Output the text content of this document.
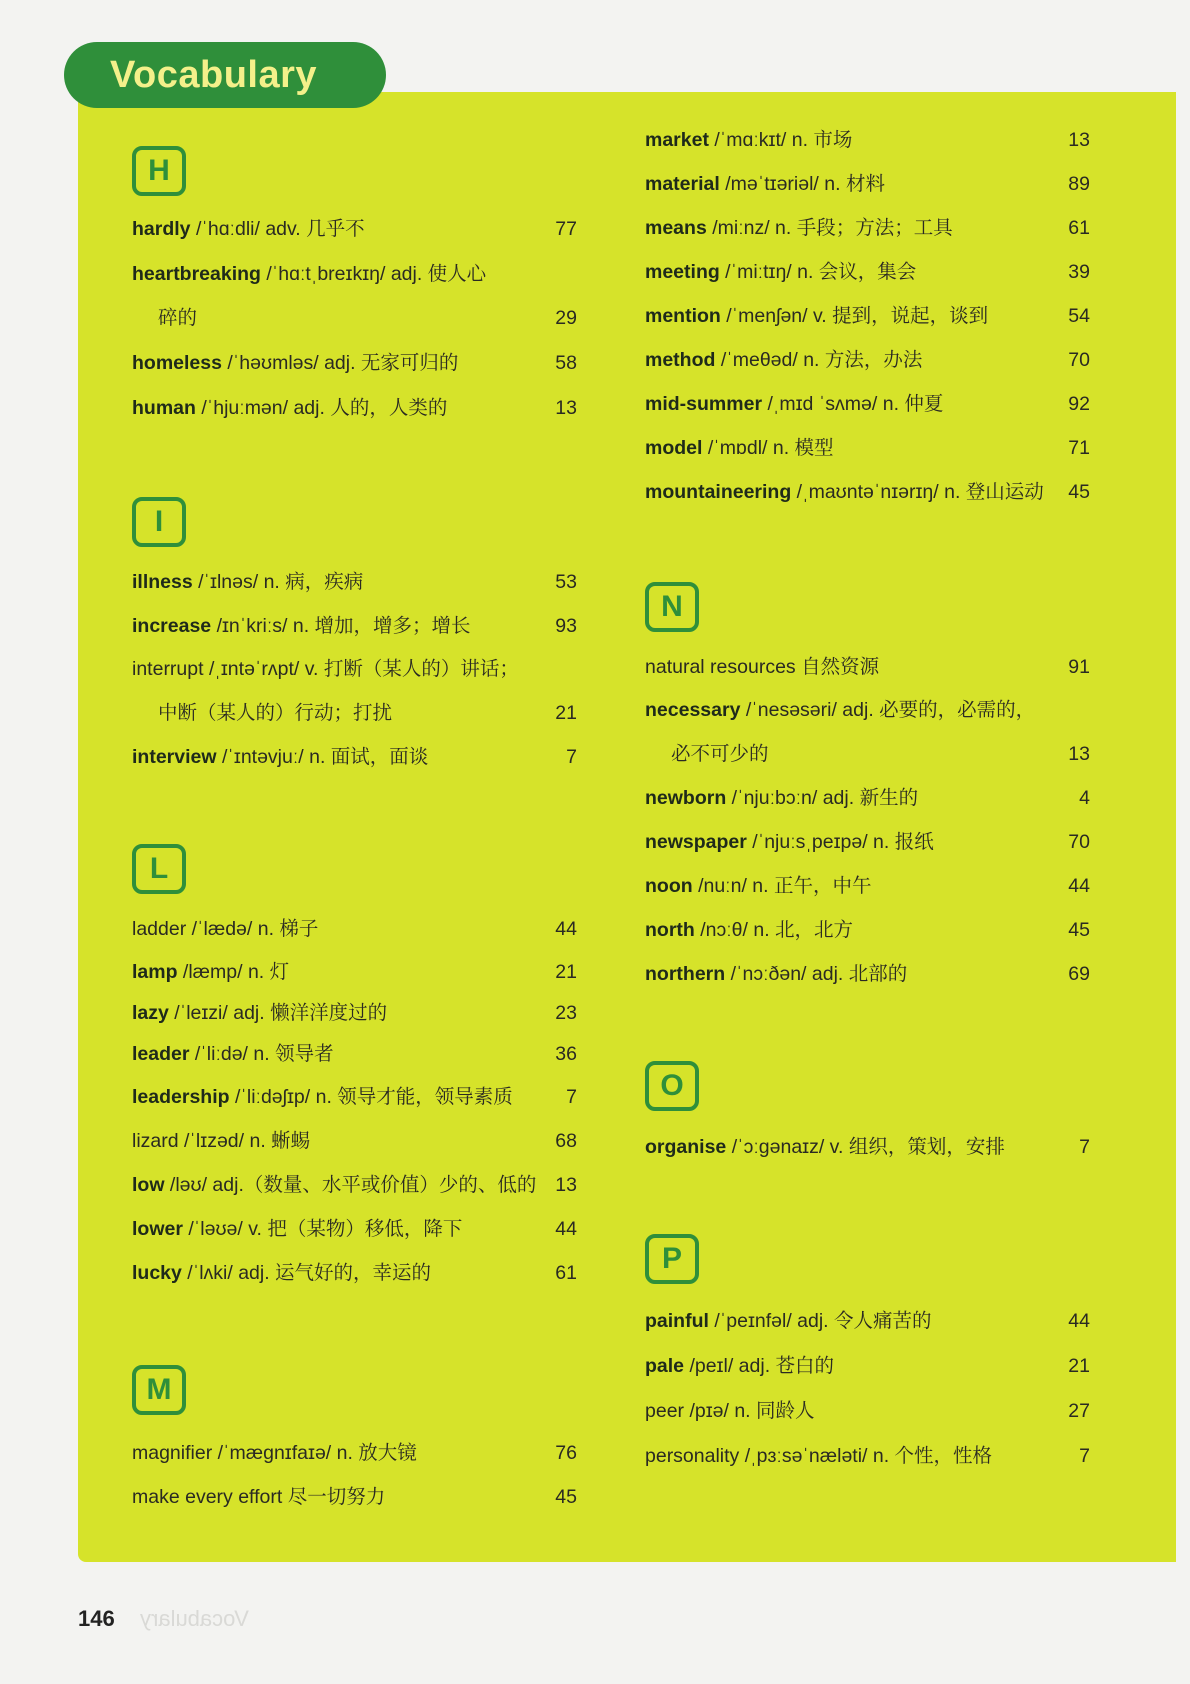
Vocabulary
H
hardly /ˈhɑːdli/ adv. 几乎不	77
heartbreaking /ˈhɑːtˌbreɪkɪŋ/ adj. 使人心
碎的	29
homeless /ˈhəʊmləs/ adj. 无家可归的	58
human /ˈhjuːmən/ adj. 人的，人类的	13
I
illness /ˈɪlnəs/ n. 病，疾病	53
increase /ɪnˈkriːs/ n. 增加，增多；增长	93
interrupt /ˌɪntəˈrʌpt/ v. 打断（某人的）讲话；
中断（某人的）行动；打扰	21
interview /ˈɪntəvjuː/ n. 面试，面谈	7
L
ladder /ˈlædə/ n. 梯子	44
lamp /læmp/ n. 灯	21
lazy /ˈleɪzi/ adj. 懒洋洋度过的	23
leader /ˈliːdə/ n. 领导者	36
leadership /ˈliːdəʃɪp/ n. 领导才能，领导素质	7
lizard /ˈlɪzəd/ n. 蜥蜴	68
low /ləʊ/ adj.（数量、水平或价值）少的、低的 13
lower /ˈləʊə/ v. 把（某物）移低，降下	44
lucky /ˈlʌki/ adj. 运气好的，幸运的	61
M
magnifier /ˈmæɡnɪfaɪə/ n. 放大镜	76
make every effort 尽一切努力	45
market /ˈmɑːkɪt/ n. 市场	13
material /məˈtɪəriəl/ n. 材料	89
means /miːnz/ n. 手段；方法；工具	61
meeting /ˈmiːtɪŋ/ n. 会议，集会	39
mention /ˈmenʃən/ v. 提到，说起，谈到	54
method /ˈmeθəd/ n. 方法，办法	70
mid-summer /ˌmɪd ˈsʌmə/ n. 仲夏	92
model /ˈmɒdl/ n. 模型	71
mountaineering /ˌmaʊntəˈnɪərɪŋ/ n. 登山运动 45
N
natural resources 自然资源	91
necessary /ˈnesəsəri/ adj. 必要的，必需的，
必不可少的	13
newborn /ˈnjuːbɔːn/ adj. 新生的	4
newspaper /ˈnjuːsˌpeɪpə/ n. 报纸	70
noon /nuːn/ n. 正午，中午	44
north /nɔːθ/ n. 北，北方	45
northern /ˈnɔːðən/ adj. 北部的	69
O
organise /ˈɔːɡənaɪz/ v. 组织，策划，安排	7
P
painful /ˈpeɪnfəl/ adj. 令人痛苦的	44
pale /peɪl/ adj. 苍白的	21
peer /pɪə/ n. 同龄人	27
personality /ˌpɜːsəˈnæləti/ n. 个性，性格	7
146 Vocabulary
